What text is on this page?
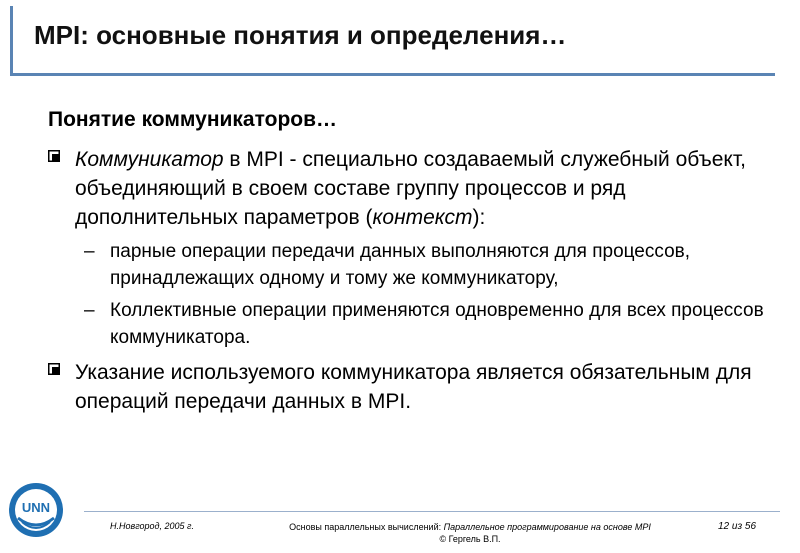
MPI: основные понятия и определения…
Понятие коммуникаторов…
Коммуникатор в MPI - специально создаваемый служебный объект, объединяющий в своем составе группу процессов и ряд дополнительных параметров (контекст):
– парные операции передачи данных выполняются для процессов, принадлежащих одному и тому же коммуникатору,
– Коллективные операции применяются одновременно для всех процессов коммуникатора.
Указание используемого коммуникатора является обязательным для операций передачи данных в MPI.
UNN
Н.Новгород, 2005 г.	Основы параллельных вычислений: Параллельное программирование на основе MPI
© Гергель В.П.
12 из 56
